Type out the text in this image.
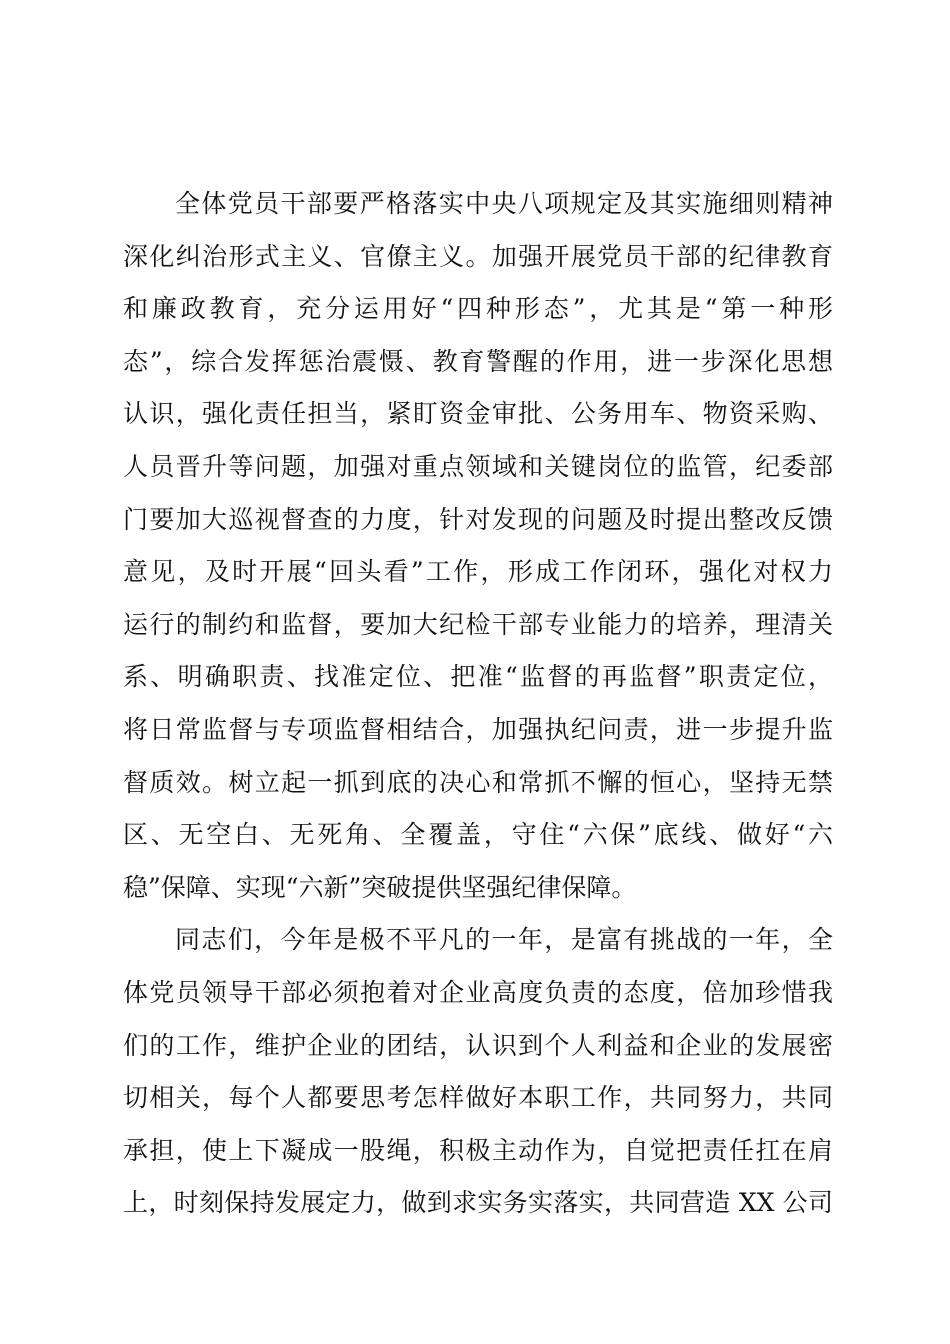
全体党员干部要严格落实中央八项规定及其实施细则精神
深化纠治形式主义、官僚主义。加强开展党员干部的纪律教育
和廉政教育，充分运用好“四种形态”，尤其是“第一种形
态”，综合发挥惩治震慑、教育警醒的作用，进一步深化思想
认识，强化责任担当，紧盯资金审批、公务用车、物资采购、
人员晋升等问题，加强对重点领域和关键岗位的监管，纪委部
门要加大巡视督查的力度，针对发现的问题及时提出整改反馈
意见，及时开展“回头看”工作，形成工作闭环，强化对权力
运行的制约和监督，要加大纪检干部专业能力的培养，理清关
系、明确职责、找准定位、把准“监督的再监督”职责定位，
将日常监督与专项监督相结合，加强执纪问责，进一步提升监
督质效。树立起一抓到底的决心和常抓不懈的恒心，坚持无禁
区、无空白、无死角、全覆盖，守住“六保”底线、做好“六
稳”保障、实现“六新”突破提供坚强纪律保障。
同志们，今年是极不平凡的一年，是富有挑战的一年，全
体党员领导干部必须抱着对企业高度负责的态度，倍加珍惜我
们的工作，维护企业的团结，认识到个人利益和企业的发展密
切相关，每个人都要思考怎样做好本职工作，共同努力，共同
承担，使上下凝成一股绳，积极主动作为，自觉把责任扛在肩
上，时刻保持发展定力，做到求实务实落实，共同营造 XX 公司
